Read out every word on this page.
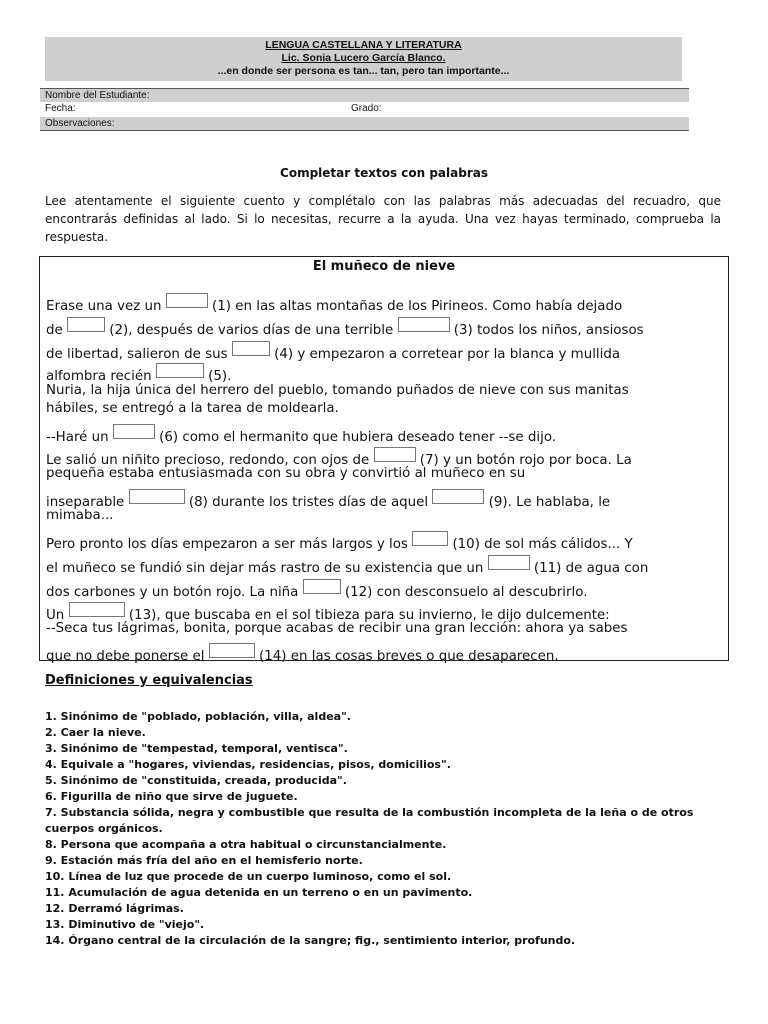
LENGUA CASTELLANA Y LITERATURA
Lic. Sonia Lucero García Blanco.
...en donde ser persona es tan... tan, pero tan importante...
Nombre del Estudiante:
Fecha:	Grado:
Observaciones:
Completar textos con palabras

Lee atentamente el siguiente cuento y complétalo con las palabras más adecuadas del recuadro, que encontrarás definidas al lado. Si lo necesitas, recurre a la ayuda. Una vez hayas terminado, comprueba la respuesta.

El muñeco de nieve
Erase una vez un	(1) en las altas montañas de los Pirineos. Como había dejado
de	(2), después de varios días de una terrible	(3) todos los niños, ansiosos
de libertad, salieron de sus	(4) y empezaron a corretear por la blanca y mullida
alfombra recién	(5).
Nuria, la hija única del herrero del pueblo, tomando puñados de nieve con sus manitas
hábiles, se entregó a la tarea de moldearla.
--Haré un	(6) como el hermanito que hubiera deseado tener --se dijo.
Le salió un niñito precioso, redondo, con ojos de	(7) y un botón rojo por boca. La
pequeña estaba entusiasmada con su obra y convirtió al muñeco en su
inseparable	(8) durante los tristes días de aquel	(9). Le hablaba, le
mimaba...
Pero pronto los días empezaron a ser más largos y los	(10) de sol más cálidos... Y
el muñeco se fundió sin dejar más rastro de su existencia que un	(11) de agua con
dos carbones y un botón rojo. La niña	(12) con desconsuelo al descubrirlo.
Un	(13), que buscaba en el sol tibieza para su invierno, le dijo dulcemente:
--Seca tus lágrimas, bonita, porque acabas de recibir una gran lección: ahora ya sabes
que no debe ponerse el	(14) en las cosas breves o que desaparecen.
Definiciones y equivalencias
1. Sinónimo de "poblado, población, villa, aldea".
2. Caer la nieve.
3. Sinónimo de "tempestad, temporal, ventisca".
4. Equivale a "hogares, viviendas, residencias, pisos, domicilios".
5. Sinónimo de "constituida, creada, producida".
6. Figurilla de niño que sirve de juguete.
7. Substancia sólida, negra y combustible que resulta de la combustión incompleta de la leña o de otros cuerpos orgánicos.
8. Persona que acompaña a otra habitual o circunstancialmente.
9. Estación más fría del año en el hemisferio norte.
10. Línea de luz que procede de un cuerpo luminoso, como el sol.
11. Acumulación de agua detenida en un terreno o en un pavimento.
12. Derramó lágrimas.
13. Diminutivo de "viejo".
14. Órgano central de la circulación de la sangre; fig., sentimiento interior, profundo.
